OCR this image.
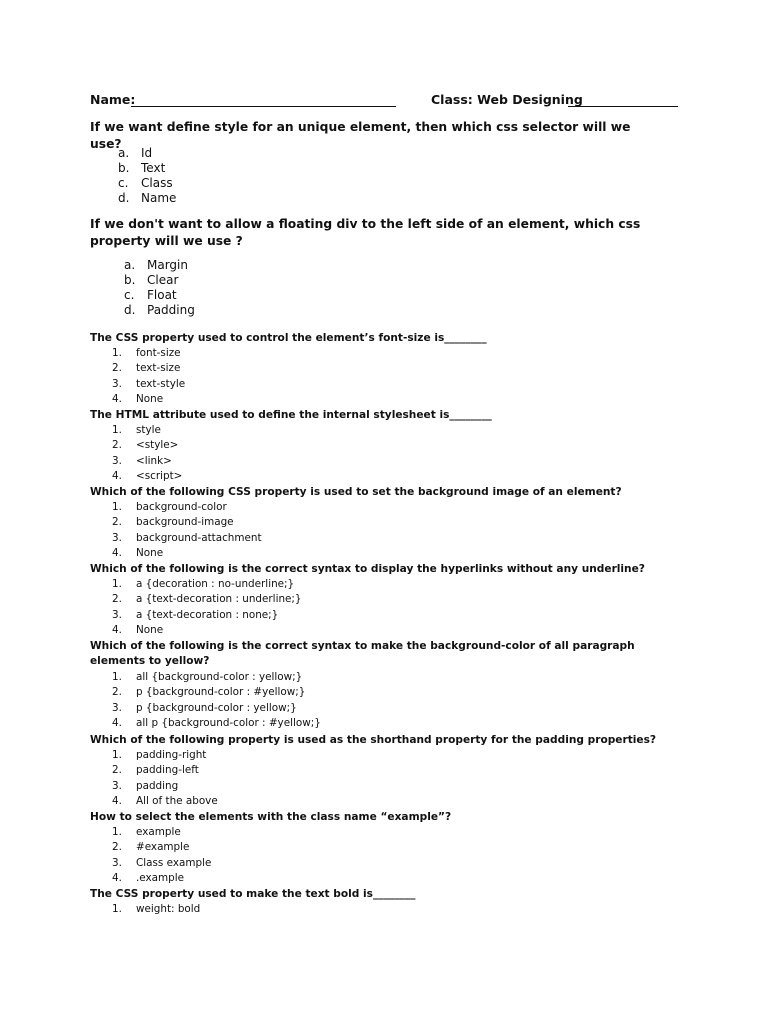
Name:	Class: Web Designing
If we want define style for an unique element, then which css selector will we use?
a. Id
b. Text
c.	Class
d. Name
If we don't want to allow a floating div to the left side of an element, which css property will we use ?
a. Margin
b. Clear
c.	Float
d. Padding
The CSS property used to control the element’s font-size is________
1.	font-size
2.	text-size
3.	text-style
4.	None
The HTML attribute used to define the internal stylesheet is________
1.	style
2.	<style>
3.	<link>
4.	<script>
Which of the following CSS property is used to set the background image of an element?
1.	background-color
2.	background-image
3.	background-attachment
4.	None
Which of the following is the correct syntax to display the hyperlinks without any underline?
1.	a {decoration : no-underline;}
2.	a {text-decoration : underline;}
3.	a {text-decoration : none;}
4.	None
Which of the following is the correct syntax to make the background-color of all paragraph elements to yellow?
1.	all {background-color : yellow;}
2.	p {background-color : #yellow;}
3.	p {background-color : yellow;}
4.	all p {background-color : #yellow;}
Which of the following property is used as the shorthand property for the padding properties?
1.	padding-right
2.	padding-left
3.	padding
4.	All of the above
How to select the elements with the class name “example”?
1.	example
2.	#example
3.	Class example
4.	.example
The CSS property used to make the text bold is________
1.	weight: bold
